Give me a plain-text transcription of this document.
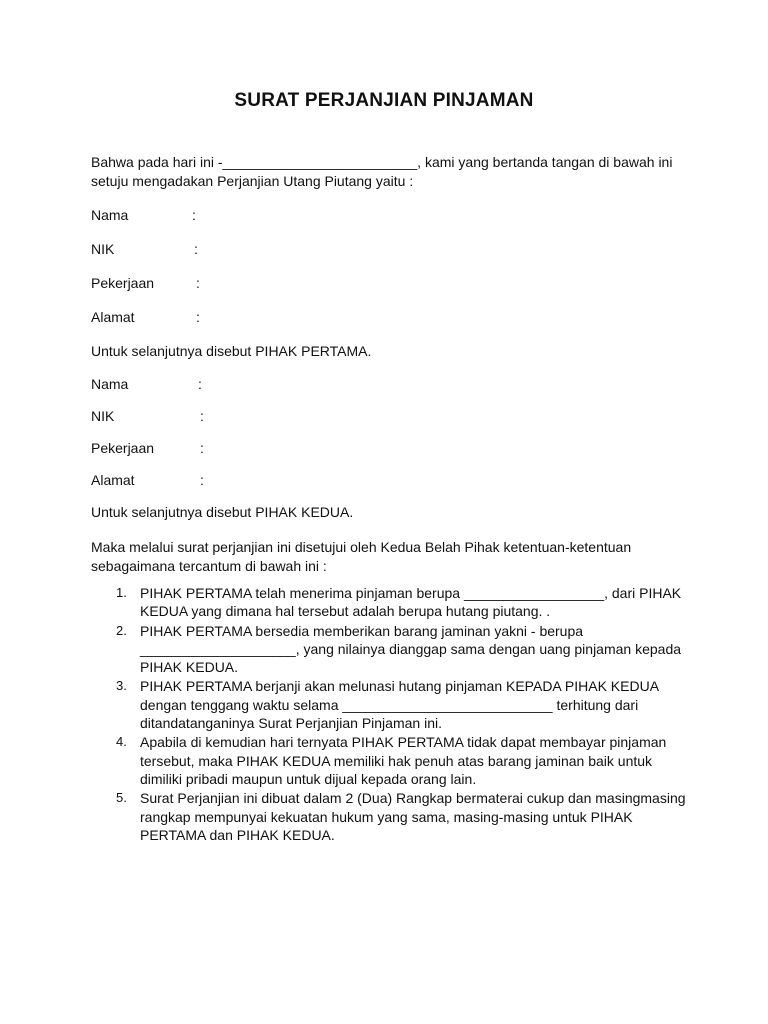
SURAT PERJANJIAN PINJAMAN
Bahwa pada hari ini -_________________________, kami yang bertanda tangan di bawah ini setuju mengadakan Perjanjian Utang Piutang yaitu :
Nama	:
NIK	:
Pekerjaan	:
Alamat	:
Untuk selanjutnya disebut PIHAK PERTAMA.
Nama	:
NIK	:
Pekerjaan	:
Alamat	:
Untuk selanjutnya disebut PIHAK KEDUA.
Maka melalui surat perjanjian ini disetujui oleh Kedua Belah Pihak ketentuan-ketentuan sebagaimana tercantum di bawah ini :
1. PIHAK PERTAMA telah menerima pinjaman berupa __________________, dari PIHAK KEDUA yang dimana hal tersebut adalah berupa hutang piutang. .
2. PIHAK PERTAMA bersedia memberikan barang jaminan yakni - berupa ____________________, yang nilainya dianggap sama dengan uang pinjaman kepada PIHAK KEDUA.
3. PIHAK PERTAMA berjanji akan melunasi hutang pinjaman KEPADA PIHAK KEDUA dengan tenggang waktu selama ___________________________ terhitung dari ditandatanganinya Surat Perjanjian Pinjaman ini.
4. Apabila di kemudian hari ternyata PIHAK PERTAMA tidak dapat membayar pinjaman tersebut, maka PIHAK KEDUA memiliki hak penuh atas barang jaminan baik untuk dimiliki pribadi maupun untuk dijual kepada orang lain.
5. Surat Perjanjian ini dibuat dalam 2 (Dua) Rangkap bermaterai cukup dan masingmasing rangkap mempunyai kekuatan hukum yang sama, masing-masing untuk PIHAK PERTAMA dan PIHAK KEDUA.
